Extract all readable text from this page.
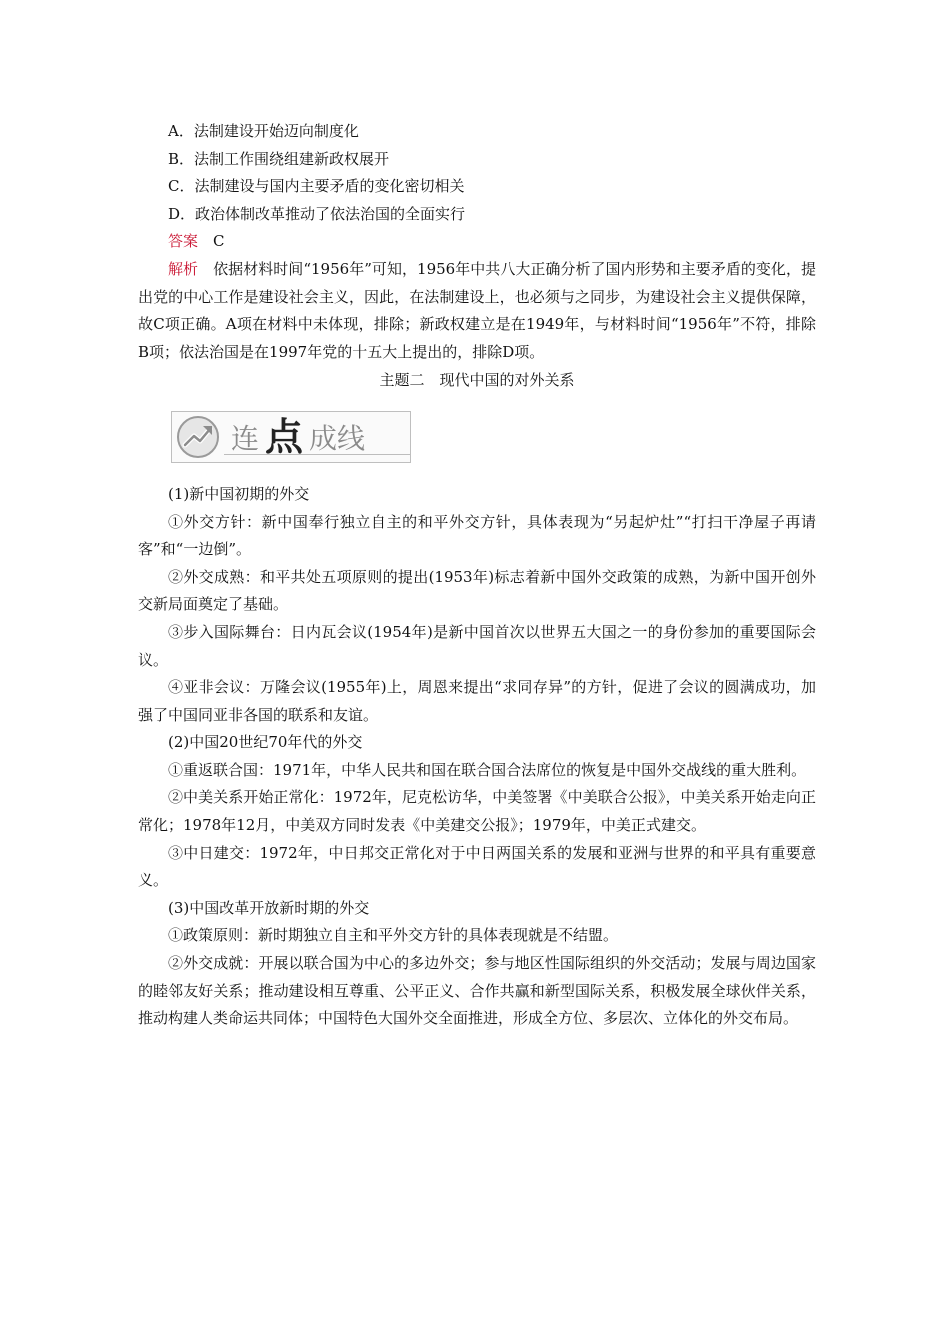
A．法制建设开始迈向制度化
B．法制工作围绕组建新政权展开
C．法制建设与国内主要矛盾的变化密切相关
D．政治体制改革推动了依法治国的全面实行
答案　 C
解析　 依据材料时间“1956年”可知，1956年中共八大正确分析了国内形势和主要矛盾的变化，提出党的中心工作是建设社会主义，因此，在法制建设上，也必须与之同步，为建设社会主义提供保障，故C项正确。A项在材料中未体现，排除；新政权建立是在1949年，与材料时间“1956年”不符，排除B项；依法治国是在1997年党的十五大上提出的，排除D项。
主题二　现代中国的对外关系
连 点 成线
(1)新中国初期的外交
①外交方针：新中国奉行独立自主的和平外交方针，具体表现为“另起炉灶”“打扫干净屋子再请客”和“一边倒”。
②外交成熟：和平共处五项原则的提出(1953年)标志着新中国外交政策的成熟，为新中国开创外交新局面奠定了基础。
③步入国际舞台：日内瓦会议(1954年)是新中国首次以世界五大国之一的身份参加的重要国际会议。
④亚非会议：万隆会议(1955年)上，周恩来提出“求同存异”的方针，促进了会议的圆满成功，加强了中国同亚非各国的联系和友谊。
(2)中国20世纪70年代的外交
①重返联合国：1971年，中华人民共和国在联合国合法席位的恢复是中国外交战线的重大胜利。
②中美关系开始正常化：1972年，尼克松访华，中美签署《中美联合公报》，中美关系开始走向正常化；1978年12月，中美双方同时发表《中美建交公报》；1979年，中美正式建交。
③中日建交：1972年，中日邦交正常化对于中日两国关系的发展和亚洲与世界的和平具有重要意义。
(3)中国改革开放新时期的外交
①政策原则：新时期独立自主和平外交方针的具体表现就是不结盟。
②外交成就：开展以联合国为中心的多边外交；参与地区性国际组织的外交活动；发展与周边国家的睦邻友好关系；推动建设相互尊重、公平正义、合作共赢和新型国际关系，积极发展全球伙伴关系，推动构建人类命运共同体；中国特色大国外交全面推进，形成全方位、多层次、立体化的外交布局。
